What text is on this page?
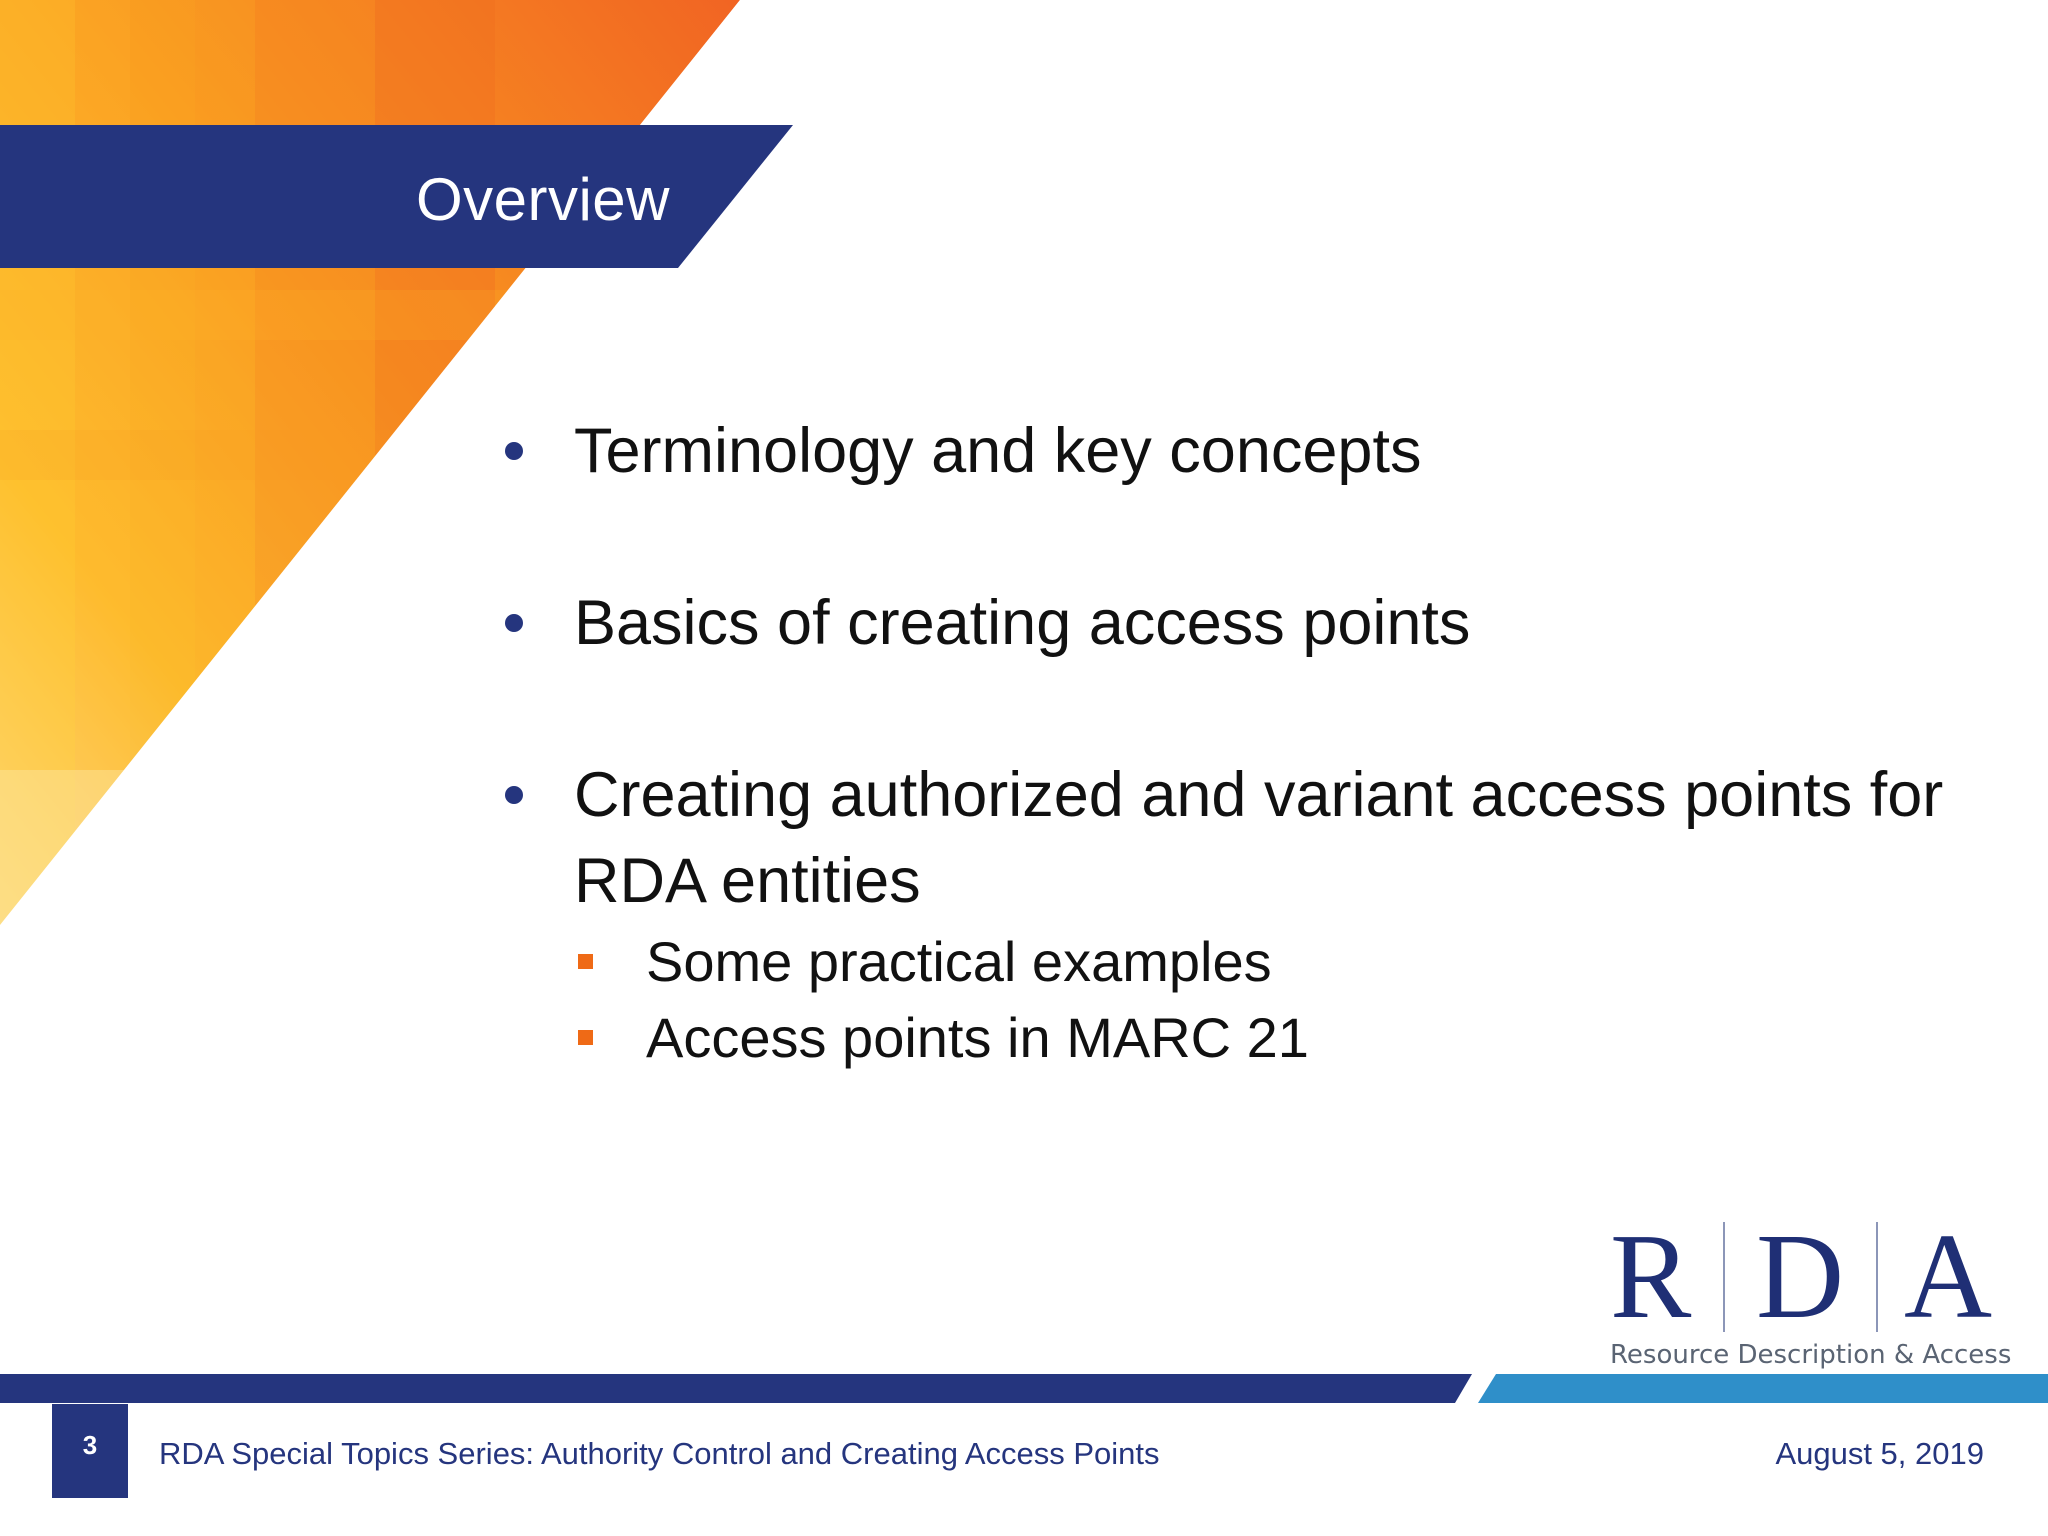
Overview
Terminology and key concepts
Basics of creating access points
Creating authorized and variant access points for RDA entities
Some practical examples
Access points in MARC 21
R D A
Resource Description & Access
3	RDA Special Topics Series: Authority Control and Creating Access Points	August 5, 2019
